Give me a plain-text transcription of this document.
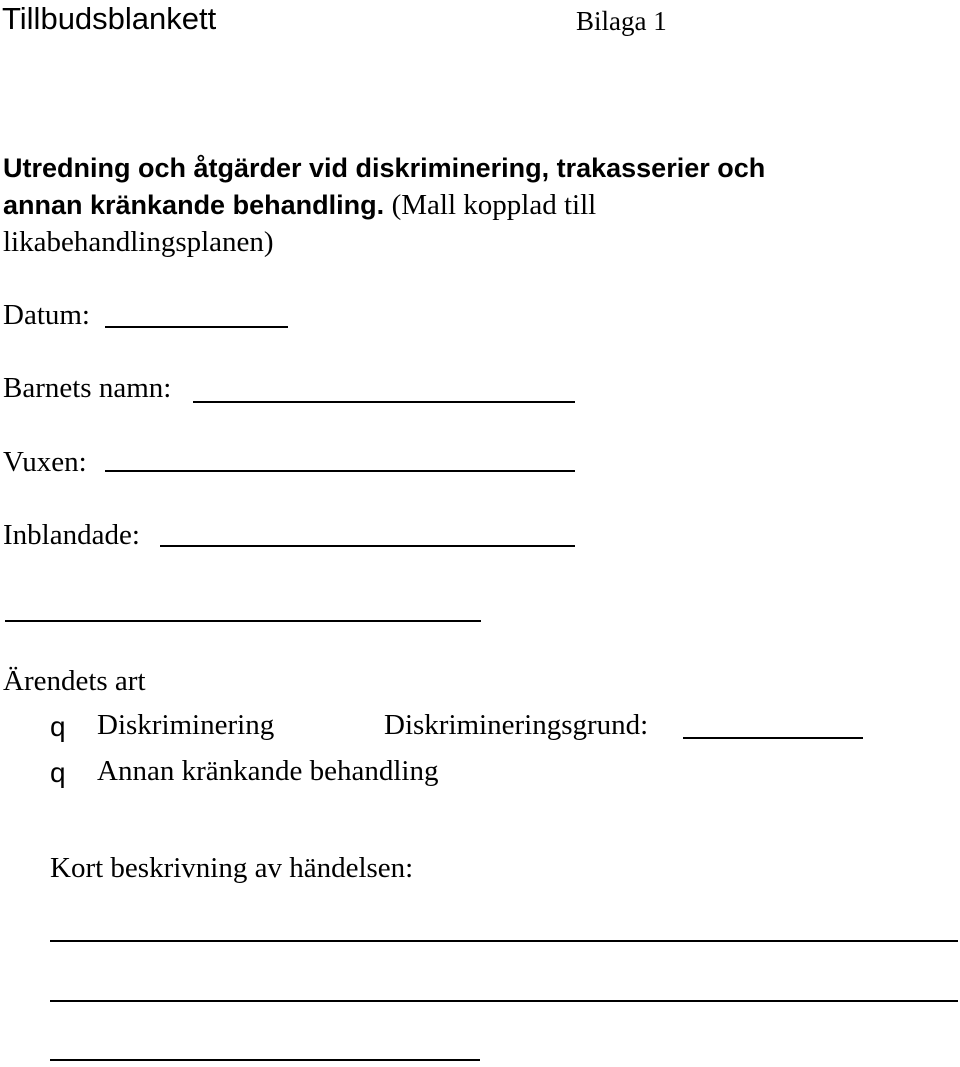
Tillbudsblankett	Bilaga 1
Utredning och åtgärder vid diskriminering, trakasserier och
annan kränkande behandling. (Mall kopplad till
likabehandlingsplanen)
Datum:
Barnets namn:
Vuxen:
Inblandade:
Ärendets art
q Diskriminering	Diskrimineringsgrund:
q Annan kränkande behandling
Kort beskrivning av händelsen:
